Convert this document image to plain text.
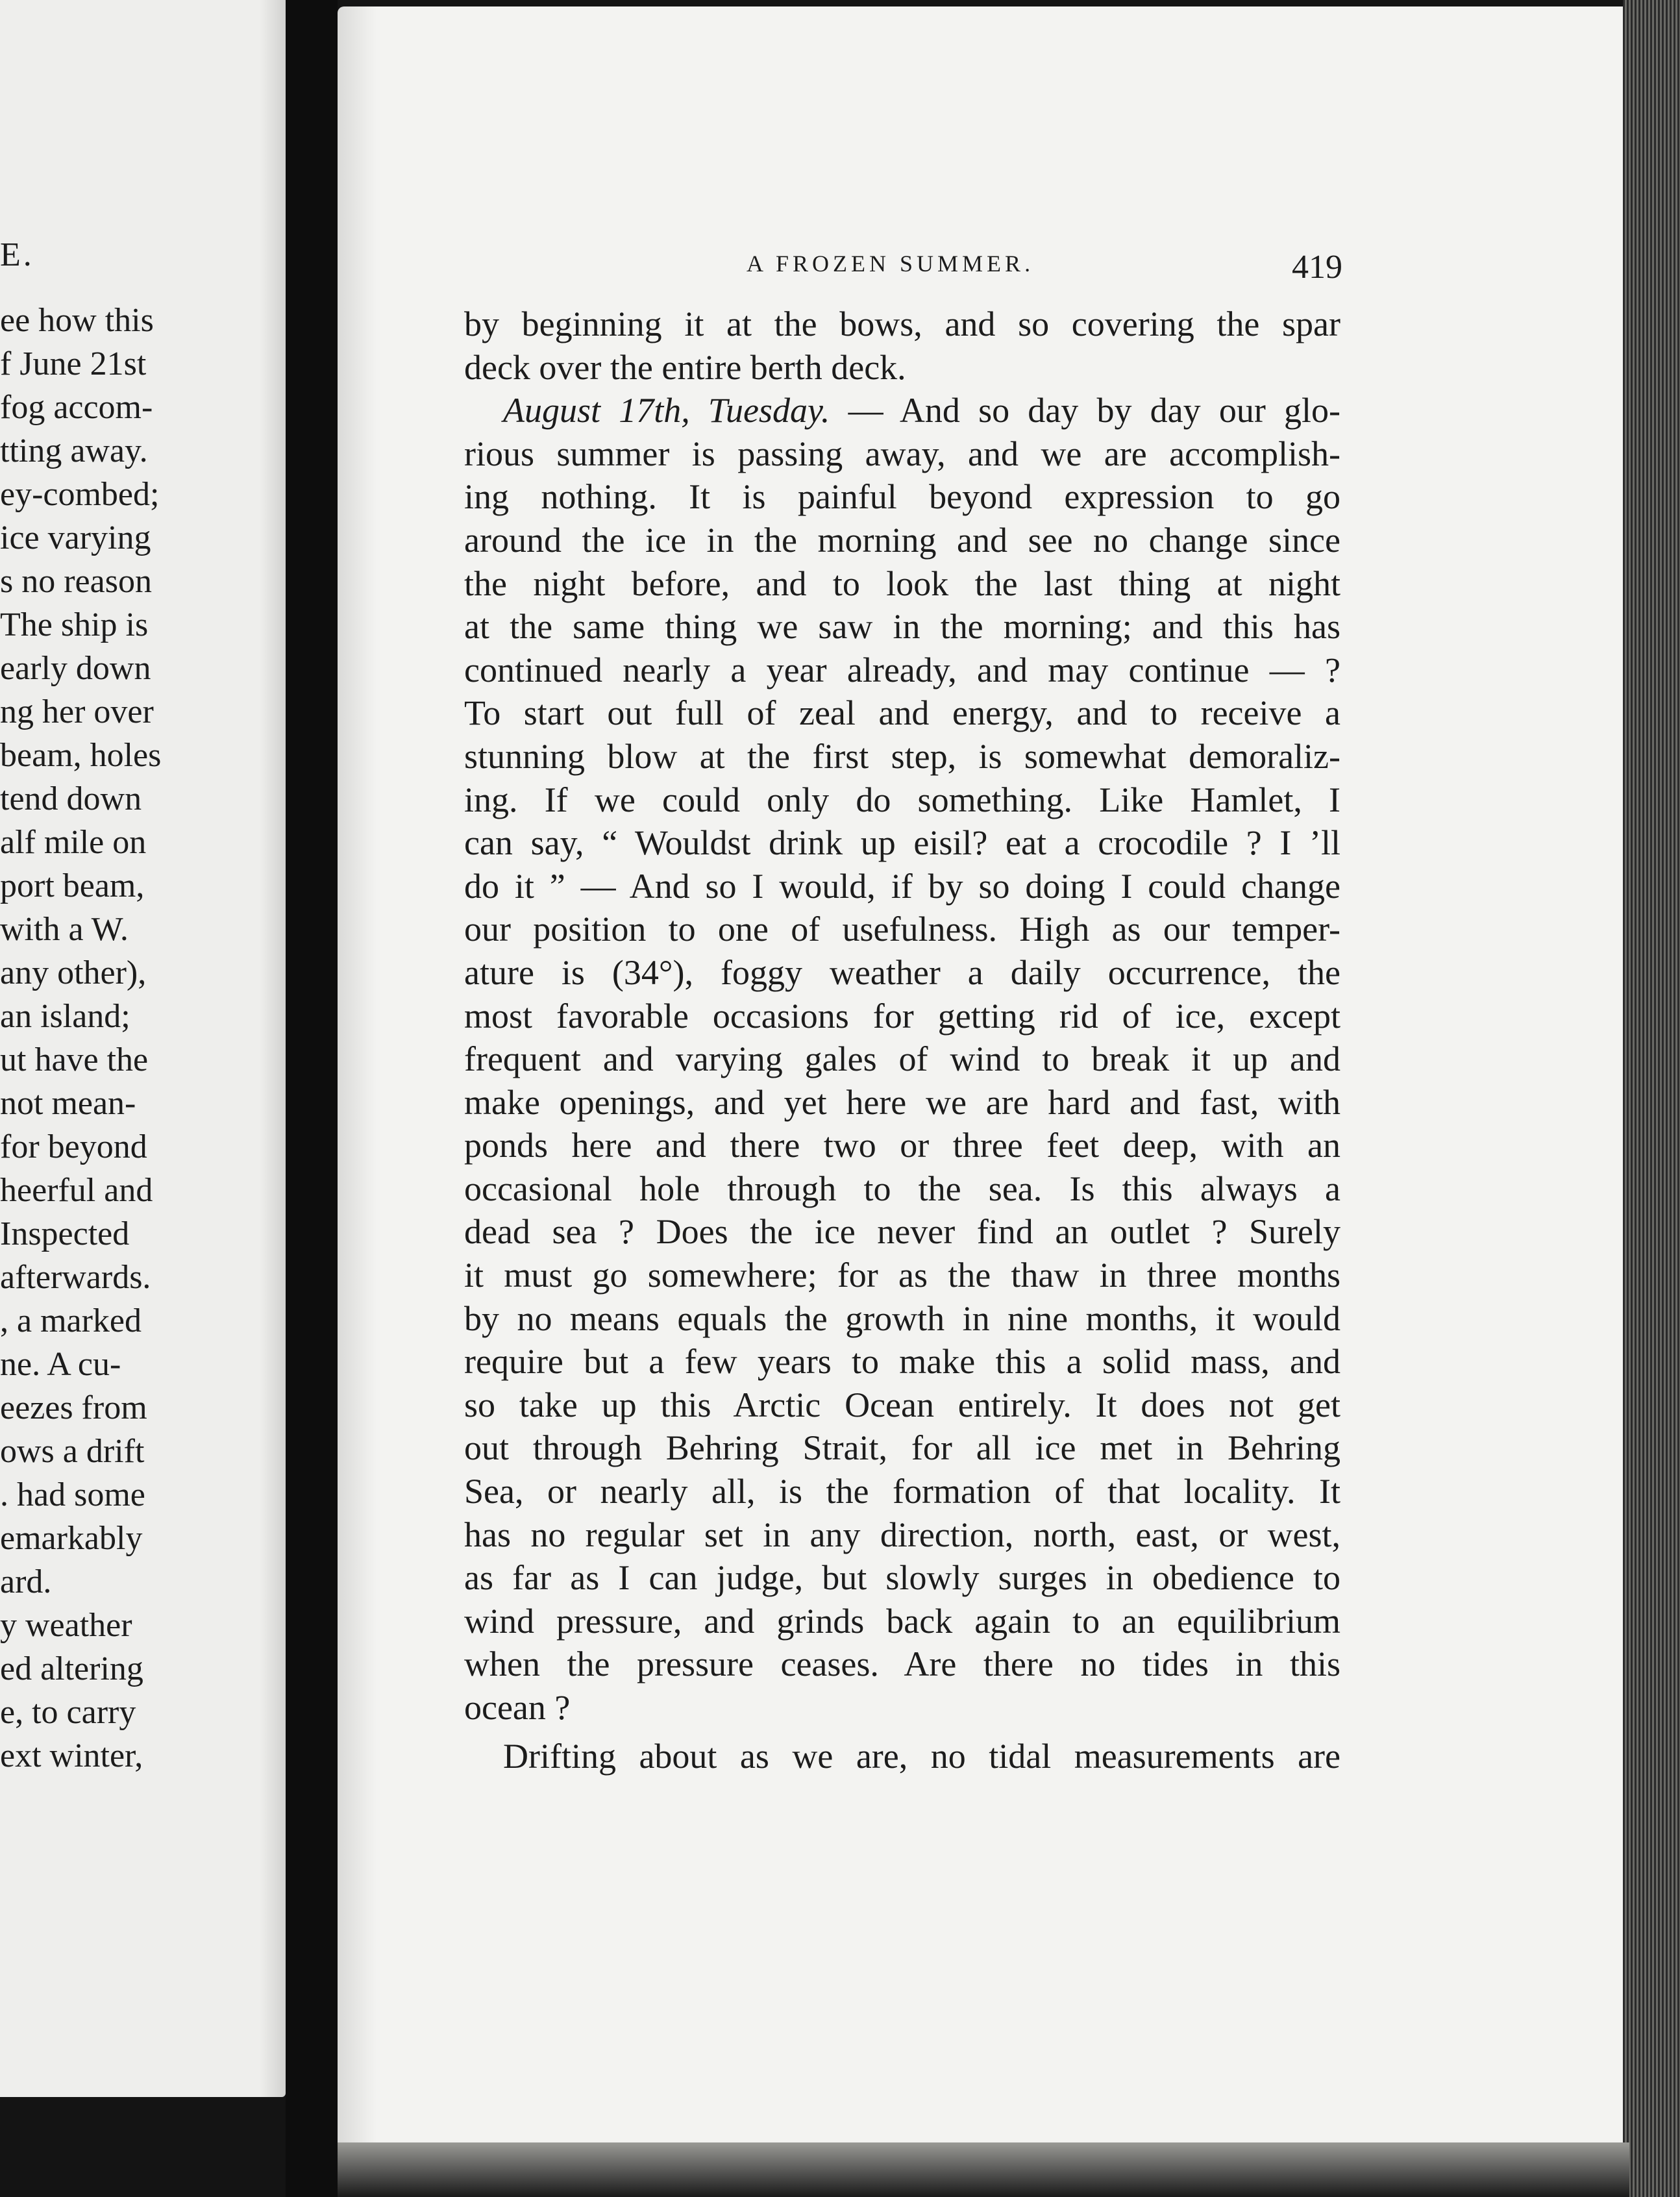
E.

ee how this

f June 21st

fog accom-

tting away.

ey-combed;

ice varying

s no reason

The ship is

early down

ng her over

beam, holes

tend down

alf mile on

port beam,

with a W.

any other),

an island;

ut have the

not mean-

for beyond

heerful and

Inspected

afterwards.

, a marked

ne. A cu-

eezes from

ows a drift

. had some

emarkably

ard.

y weather

ed altering

e, to carry

ext winter,

A FROZEN SUMMER.	419

by beginning it at the bows, and so covering the spar
deck over the entire berth deck.
August 17th, Tuesday. — And so day by day our glo-
rious summer is passing away, and we are accomplish-
ing nothing. It is painful beyond expression to go
around the ice in the morning and see no change since
the night before, and to look the last thing at night
at the same thing we saw in the morning; and this has
continued nearly a year already, and may continue — ?
To start out full of zeal and energy, and to receive a
stunning blow at the first step, is somewhat demoraliz-
ing. If we could only do something. Like Hamlet, I
can say, “ Wouldst drink up eisil? eat a crocodile ? I ’ll
do it ” — And so I would, if by so doing I could change
our position to one of usefulness. High as our temper-
ature is (34°), foggy weather a daily occurrence, the
most favorable occasions for getting rid of ice, except
frequent and varying gales of wind to break it up and
make openings, and yet here we are hard and fast, with
ponds here and there two or three feet deep, with an
occasional hole through to the sea. Is this always a
dead sea ? Does the ice never find an outlet ? Surely
it must go somewhere; for as the thaw in three months
by no means equals the growth in nine months, it would
require but a few years to make this a solid mass, and
so take up this Arctic Ocean entirely. It does not get
out through Behring Strait, for all ice met in Behring
Sea, or nearly all, is the formation of that locality. It
has no regular set in any direction, north, east, or west,
as far as I can judge, but slowly surges in obedience to
wind pressure, and grinds back again to an equilibrium
when the pressure ceases. Are there no tides in this
ocean ?
Drifting about as we are, no tidal measurements are
